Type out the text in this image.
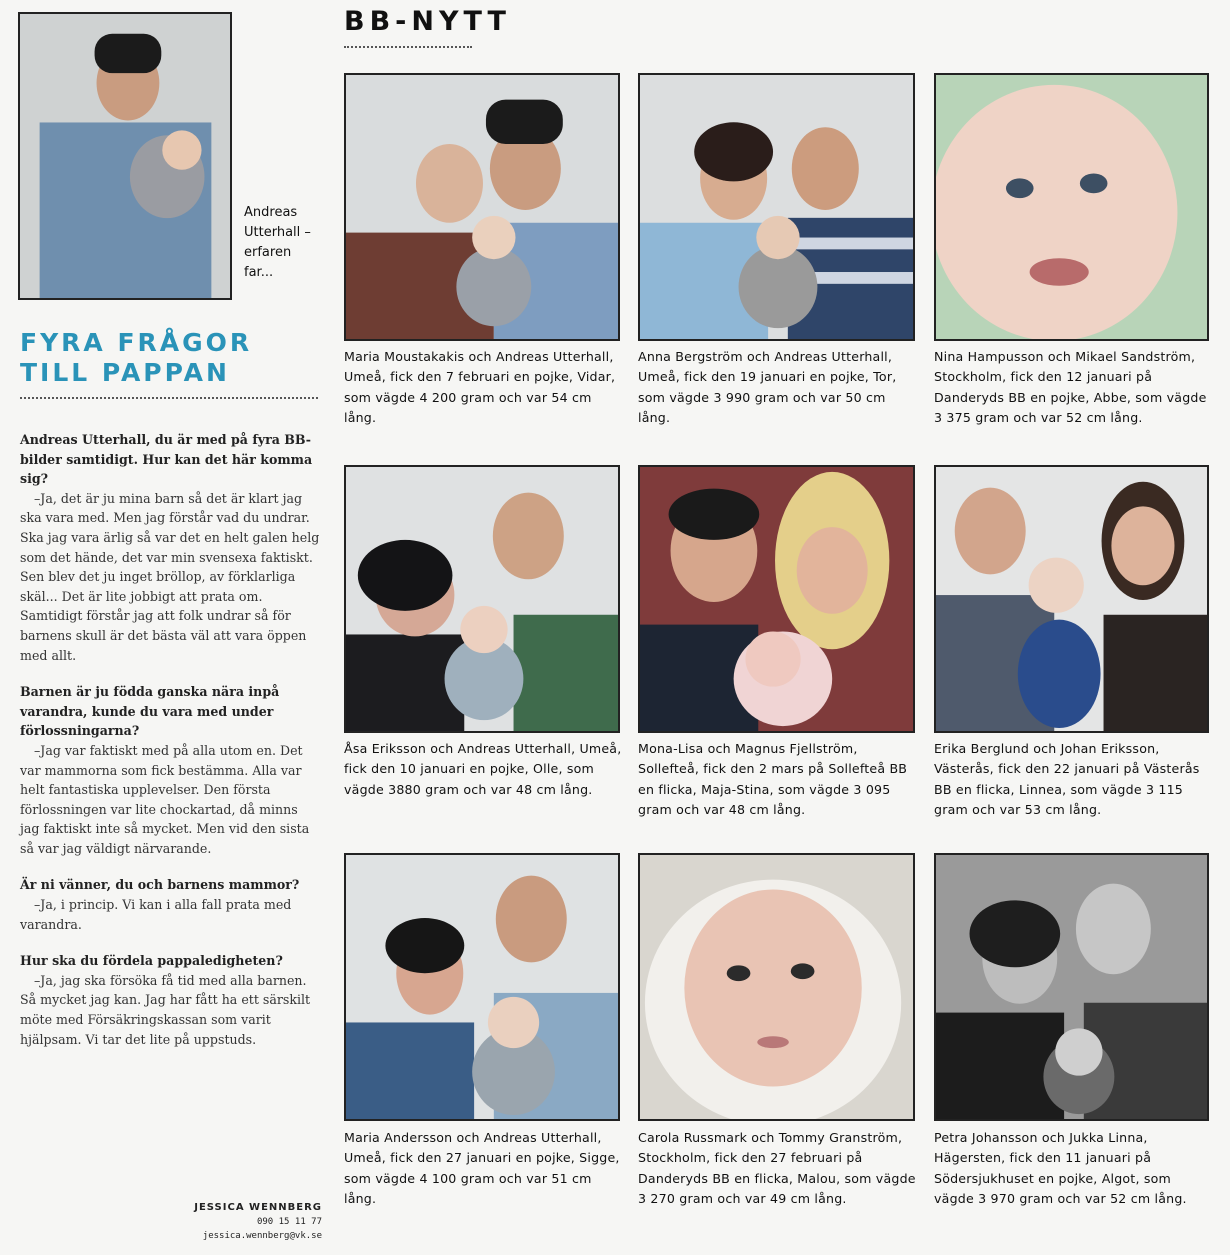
Andreas Utterhall – erfaren far...
FYRA FRÅGOR
TILL PAPPAN

Andreas Utterhall, du är med på fyra BB-bilder samtidigt. Hur kan det här komma sig?

–Ja, det är ju mina barn så det är klart jag ska vara med. Men jag förstår vad du undrar. Ska jag vara ärlig så var det en helt galen helg som det hände, det var min svensexa faktiskt. Sen blev det ju inget bröllop, av förklarliga skäl... Det är lite jobbigt att prata om. Samtidigt förstår jag att folk undrar så för barnens skull är det bästa väl att vara öppen med allt.

Barnen är ju födda ganska nära inpå varandra, kunde du vara med under förlossningarna?

–Jag var faktiskt med på alla utom en. Det var mammorna som fick bestämma. Alla var helt fantastiska upplevelser. Den första förlossningen var lite chockartad, då minns jag faktiskt inte så mycket. Men vid den sista så var jag väldigt närvarande.

Är ni vänner, du och barnens mammor?

–Ja, i princip. Vi kan i alla fall prata med varandra.

Hur ska du fördela pappaledigheten?

–Ja, jag ska försöka få tid med alla barnen. Så mycket jag kan. Jag har fått ha ett särskilt möte med Försäkringskassan som varit hjälpsam. Vi tar det lite på uppstuds.

JESSICA WENNBERG
090 15 11 77
jessica.wennberg@vk.se
BB-NYTT
Maria Moustakakis och Andreas Utterhall, Umeå, fick den 7 februari en pojke, Vidar, som vägde 4 200 gram och var 54 cm lång.
Anna Bergström och Andreas Utterhall, Umeå, fick den 19 januari en pojke, Tor, som vägde 3 990 gram och var 50 cm lång.
Nina Hampusson och Mikael Sandström, Stockholm, fick den 12 januari på Danderyds BB en pojke, Abbe, som vägde 3 375 gram och var 52 cm lång.
Åsa Eriksson och Andreas Utterhall, Umeå, fick den 10 januari en pojke, Olle, som vägde 3880 gram och var 48 cm lång.
Mona-Lisa och Magnus Fjellström, Sollefteå, fick den 2 mars på Sollefteå BB en flicka, Maja-Stina, som vägde 3 095 gram och var 48 cm lång.
Erika Berglund och Johan Eriksson, Västerås, fick den 22 januari på Västerås BB en flicka, Linnea, som vägde 3 115 gram och var 53 cm lång.
Maria Andersson och Andreas Utterhall, Umeå, fick den 27 januari en pojke, Sigge, som vägde 4 100 gram och var 51 cm lång.
Carola Russmark och Tommy Granström, Stockholm, fick den 27 februari på Danderyds BB en flicka, Malou, som vägde 3 270 gram och var 49 cm lång.
Petra Johansson och Jukka Linna, Hägersten, fick den 11 januari på Södersjukhuset en pojke, Algot, som vägde 3 970 gram och var 52 cm lång.
